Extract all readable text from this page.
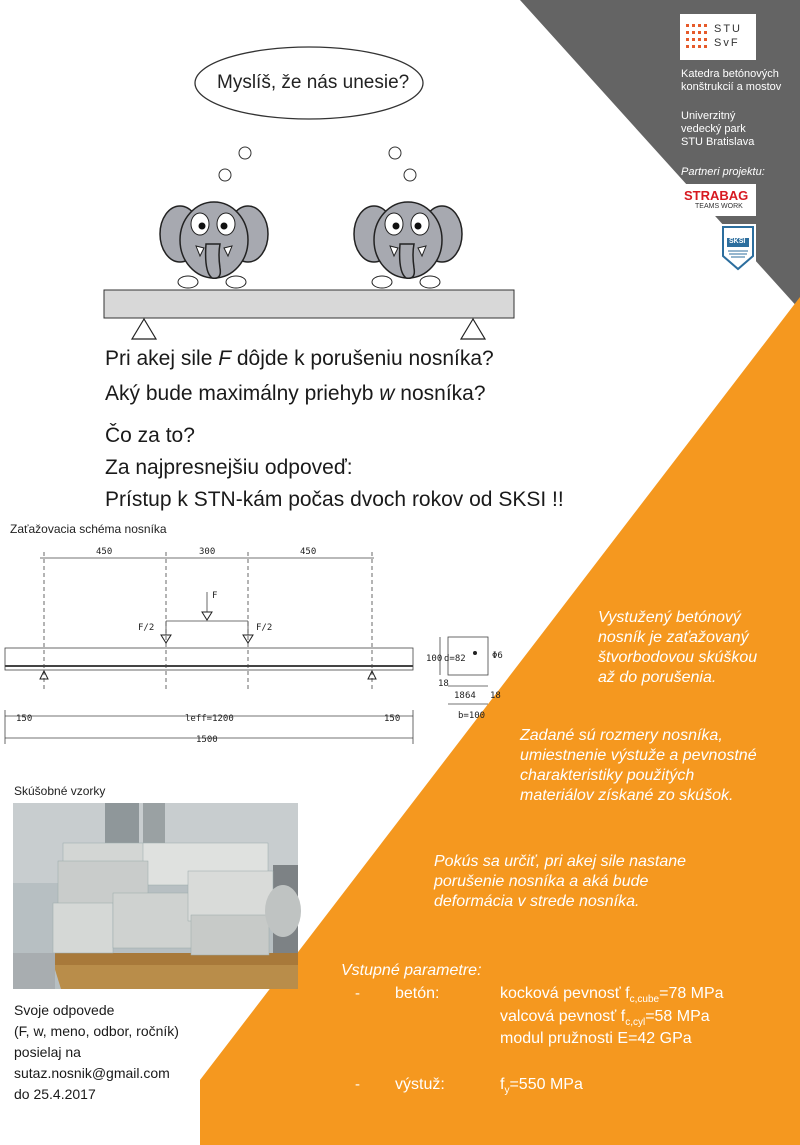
STU
SvF
Katedra betónových
konštrukcií a mostov
Univerzitný
vedecký park
STU Bratislava
Partneri projektu:
STRABAG
TEAMS WORK
SKSI
Myslíš, že nás unesie?
Pri akej sile F dôjde k porušeniu nosníka?
Aký bude maximálny priehyb w nosníka?
Čo za to?
Za najpresnejšiu odpoveď:
Prístup k STN-kám počas dvoch rokov od SKSI !!
Zaťažovacia schéma nosníka
450	300	450
F
F/2	F/2
150	leff=1200	150
1500
100 d=82
18
Φ6
18 64 18
b=100
Vystužený betónový
nosník je zaťažovaný
štvorbodovou skúškou
až do porušenia.
Zadané sú rozmery nosníka,
umiestnenie výstuže a pevnostné
charakteristiky použitých
materiálov získané zo skúšok.
Pokús sa určiť, pri akej sile nastane
porušenie nosníka a aká bude
deformácia v strede nosníka.
Skúšobné vzorky
Svoje odpovede
(F, w, meno, odbor, ročník)
posielaj na
sutaz.nosnik@gmail.com
do 25.4.2017
Vstupné parametre:
- betón:	kocková pevnosť $f_{c,cube}=78$ MPa
valcová pevnosť $f_{c,cyl}=58$ MPa
modul pružnosti E=42 GPa
- výstuž:	$f_y=550$ MPa
